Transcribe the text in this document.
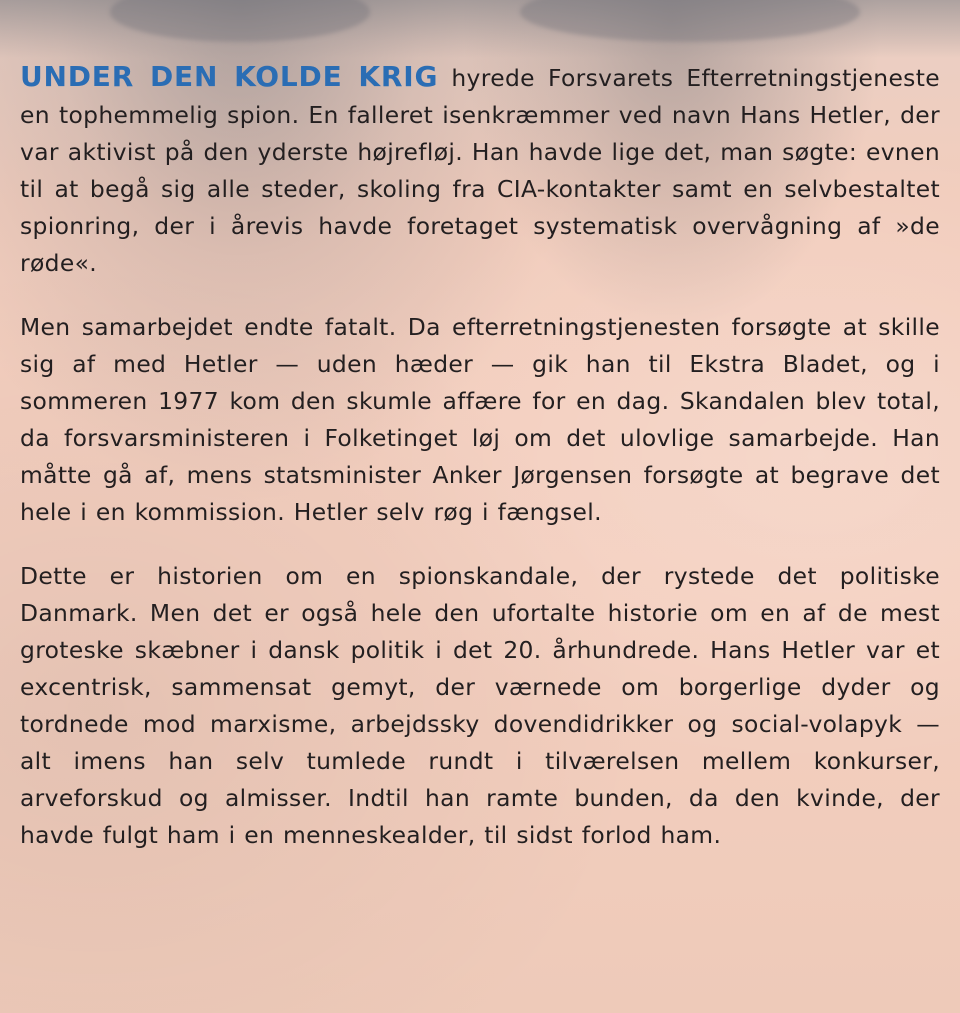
UNDER DEN KOLDE KRIG hyrede Forsvarets Efterretningstjeneste en tophemmelig spion. En falleret isenkræmmer ved navn Hans Hetler, der var aktivist på den yderste højrefløj. Han havde lige det, man søgte: evnen til at begå sig alle steder, skoling fra CIA-kontakter samt en selvbestaltet spionring, der i årevis havde foretaget systematisk overvågning af »de røde«.

Men samarbejdet endte fatalt. Da efterretningstjenesten forsøgte at skille sig af med Hetler — uden hæder — gik han til Ekstra Bladet, og i sommeren 1977 kom den skumle affære for en dag. Skandalen blev total, da forsvarsministeren i Folketinget løj om det ulovlige samarbejde. Han måtte gå af, mens statsminister Anker Jørgensen forsøgte at begrave det hele i en kommission. Hetler selv røg i fængsel.

Dette er historien om en spionskandale, der rystede det politiske Danmark. Men det er også hele den ufortalte historie om en af de mest groteske skæbner i dansk politik i det 20. århundrede. Hans Hetler var et excentrisk, sammensat gemyt, der værnede om borgerlige dyder og tordnede mod marxisme, arbejdssky dovendidrikker og social-volapyk — alt imens han selv tumlede rundt i tilværelsen mellem konkurser, arveforskud og almisser. Indtil han ramte bunden, da den kvinde, der havde fulgt ham i en menneskealder, til sidst forlod ham.
